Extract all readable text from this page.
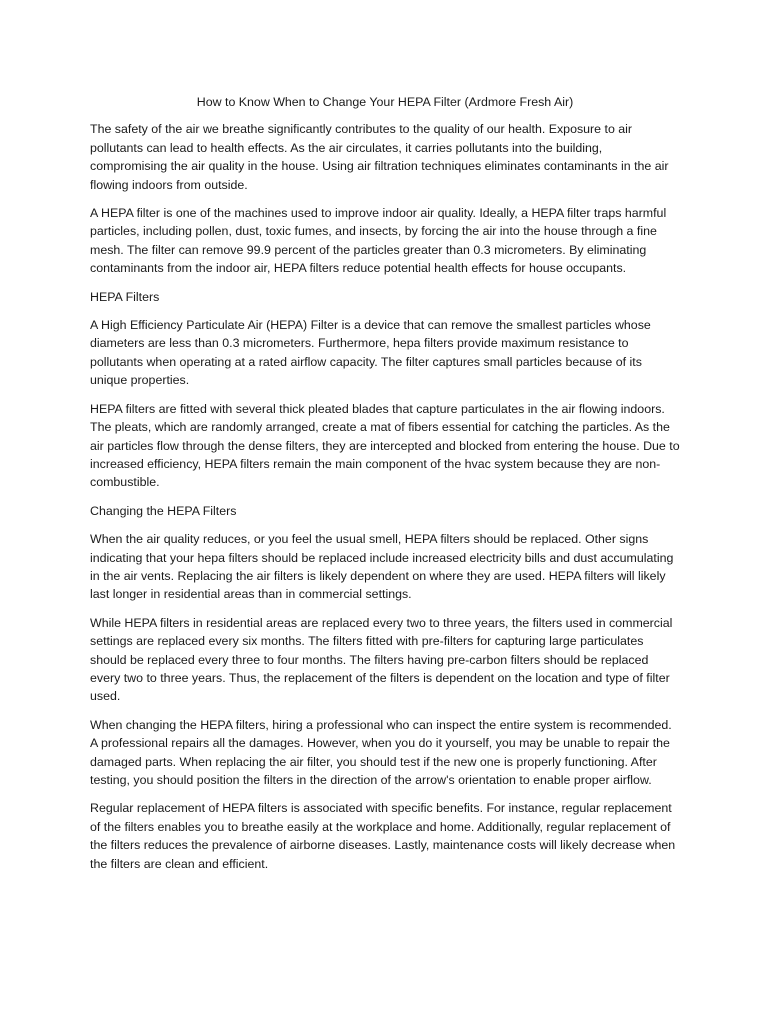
How to Know When to Change Your HEPA Filter (Ardmore Fresh Air)

The safety of the air we breathe significantly contributes to the quality of our health. Exposure to air pollutants can lead to health effects. As the air circulates, it carries pollutants into the building, compromising the air quality in the house. Using air filtration techniques eliminates contaminants in the air flowing indoors from outside.

A HEPA filter is one of the machines used to improve indoor air quality. Ideally, a HEPA filter traps harmful particles, including pollen, dust, toxic fumes, and insects, by forcing the air into the house through a fine mesh. The filter can remove 99.9 percent of the particles greater than 0.3 micrometers. By eliminating contaminants from the indoor air, HEPA filters reduce potential health effects for house occupants.

HEPA Filters

A High Efficiency Particulate Air (HEPA) Filter is a device that can remove the smallest particles whose diameters are less than 0.3 micrometers. Furthermore, hepa filters provide maximum resistance to pollutants when operating at a rated airflow capacity. The filter captures small particles because of its unique properties.

HEPA filters are fitted with several thick pleated blades that capture particulates in the air flowing indoors. The pleats, which are randomly arranged, create a mat of fibers essential for catching the particles. As the air particles flow through the dense filters, they are intercepted and blocked from entering the house. Due to increased efficiency, HEPA filters remain the main component of the hvac system because they are non-combustible.

Changing the HEPA Filters

When the air quality reduces, or you feel the usual smell, HEPA filters should be replaced. Other signs indicating that your hepa filters should be replaced include increased electricity bills and dust accumulating in the air vents. Replacing the air filters is likely dependent on where they are used. HEPA filters will likely last longer in residential areas than in commercial settings.

While HEPA filters in residential areas are replaced every two to three years, the filters used in commercial settings are replaced every six months. The filters fitted with pre-filters for capturing large particulates should be replaced every three to four months. The filters having pre-carbon filters should be replaced every two to three years. Thus, the replacement of the filters is dependent on the location and type of filter used.

When changing the HEPA filters, hiring a professional who can inspect the entire system is recommended. A professional repairs all the damages. However, when you do it yourself, you may be unable to repair the damaged parts. When replacing the air filter, you should test if the new one is properly functioning. After testing, you should position the filters in the direction of the arrow's orientation to enable proper airflow.

Regular replacement of HEPA filters is associated with specific benefits. For instance, regular replacement of the filters enables you to breathe easily at the workplace and home. Additionally, regular replacement of the filters reduces the prevalence of airborne diseases. Lastly, maintenance costs will likely decrease when the filters are clean and efficient.
